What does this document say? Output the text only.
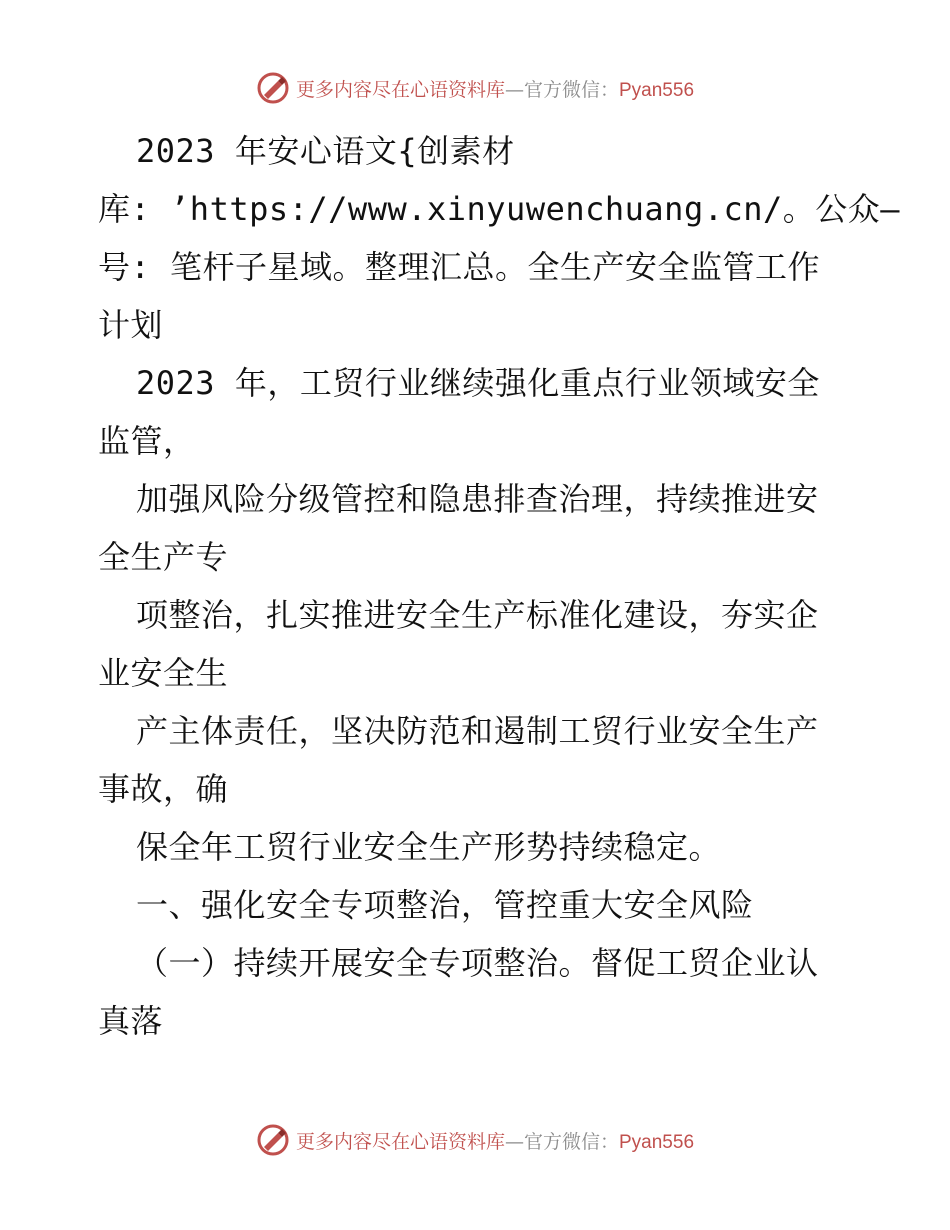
更多内容尽在心语资料库—官方微信：Pyan556
2023 年安心语文{创素材
库: ’https://www.xinyuwenchuang.cn/。公众—
号: 笔杆子星域。整理汇总。全生产安全监管工作
计划
2023 年，工贸行业继续强化重点行业领域安全
监管，
加强风险分级管控和隐患排查治理，持续推进安
全生产专
项整治，扎实推进安全生产标准化建设，夯实企
业安全生
产主体责任，坚决防范和遏制工贸行业安全生产
事故，确
保全年工贸行业安全生产形势持续稳定。
一、强化安全专项整治，管控重大安全风险
（一）持续开展安全专项整治。督促工贸企业认
真落
更多内容尽在心语资料库—官方微信：Pyan556
